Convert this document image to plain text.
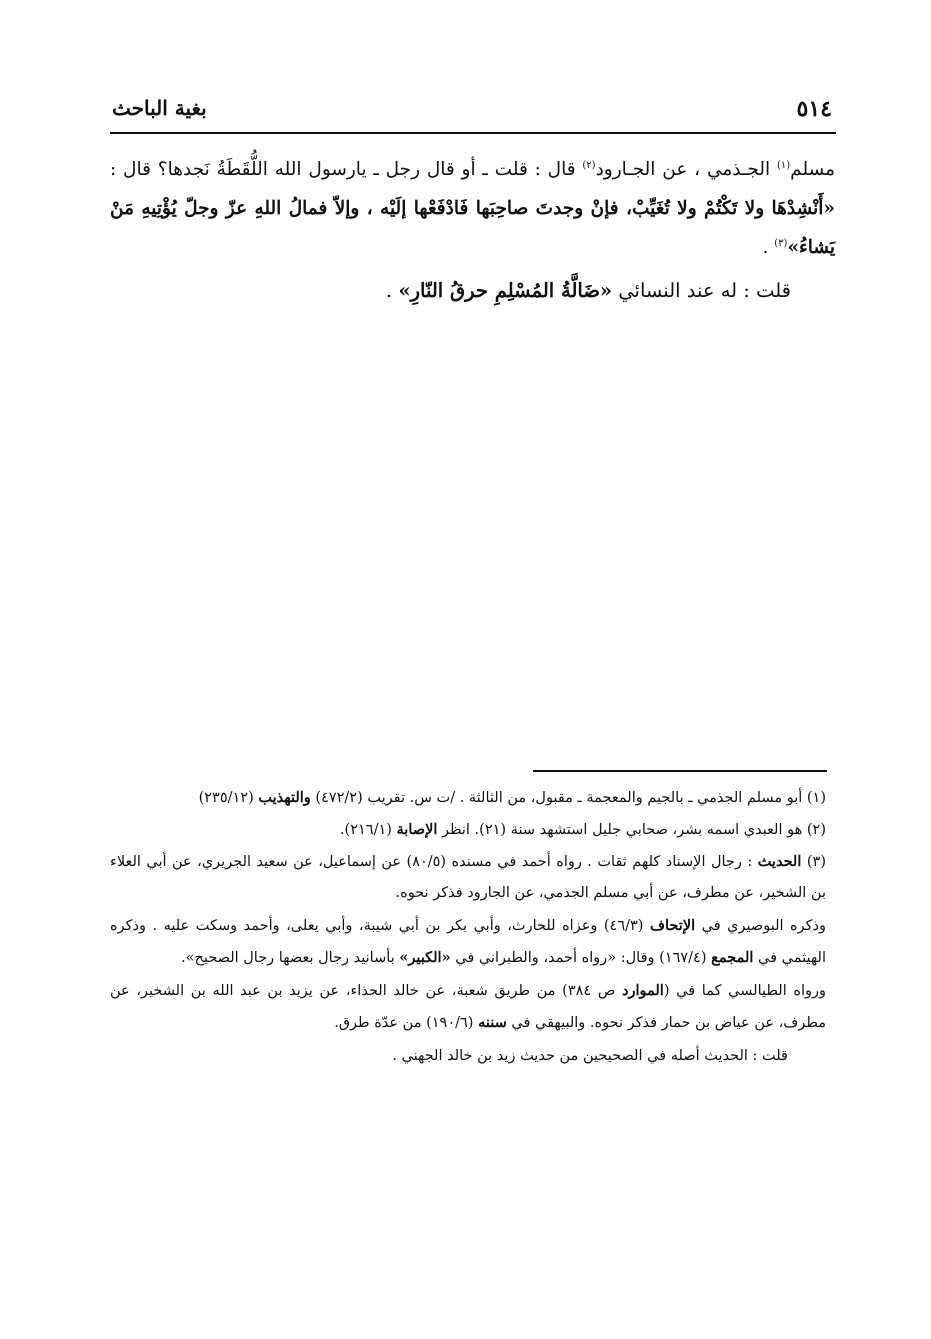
٥١٤
بغية الباحث

مسلم$^{(١)}$ الجـذمي ، عن الجـارود$^{(٢)}$ قال : قلت ـ أو قال رجل ـ يارسول الله اللُّقَطَةُ نَجدها؟ قال : «أَنْشِدْهَا ولا تَكْتُمْ ولا تُغَيِّبْ، فإنْ وجدتَ صاحِبَها فَادْفَعْها إلَيْه ، وإلاّ فمالُ اللهِ عزّ وجلّ يُؤْتِيهِ مَنْ يَشاءُ»$^{(٣)}$ .

قلت : له عند النسائي «ضَالَّةُ المُسْلِمِ حرقُ النّارِ» .

(١) أبو مسلم الجذمي ـ بالجيم والمعجمة ـ مقبول، من الثالثة . /ت س. تقريب (٤٧٢/٢) والتهذيب (٢٣٥/١٢)

(٢) هو العبدي اسمه بشر، صحابي جليل استشهد سنة (٢١). انظر الإصابة (٢١٦/١).

(٣) الحديث : رجال الإسناد كلهم ثقات . رواه أحمد في مسنده (٨٠/٥) عن إسماعيل، عن سعيد الجريري، عن أبي العلاء بن الشخير، عن مطرف، عن أبي مسلم الجذمي، عن الجارود فذكر نحوه.

وذكره البوصيري في الإتحاف (٤٦/٣) وعزاه للحارث، وأبي بكر بن أبي شيبة، وأبي يعلى، وأحمد وسكت عليه . وذكره الهيثمي في المجمع (١٦٧/٤) وقال: «رواه أحمد، والطبراني في «الكبير» بأسانيد رجال بعضها رجال الصحيح».

ورواه الطيالسي كما في (الموارد ص ٣٨٤) من طريق شعبة، عن خالد الحذاء، عن يزيد بن عبد الله بن الشخير، عن مطرف، عن عياض بن حمار فذكر نحوه. والبيهقي في سننه (١٩٠/٦) من عدّة طرق.

قلت : الحديث أصله في الصحيحين من حديث زيد بن خالد الجهني .
